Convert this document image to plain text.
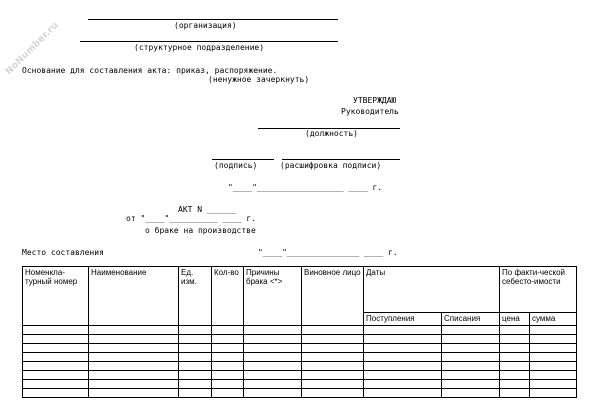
NoNumber.ru	(организация)
(структурное подразделение)
Основание для составления акта: приказ, распоряжение.
(ненужное зачеркнуть)
УТВЕРЖДАЮ
Руководитель
(должность)
(подпись)	(расшифровка подписи)
"____"__________________ ____ г.
АКТ N ______
от "____"__________ ____ г.
о браке на производстве
Место составления	"____"_______________ ____ г.
Номенкла-турный номер	Наименование	Ед. изм.	Кол-во	Причины брака <*>	Виновное лицо	Даты		По факти-ческой себесто-имости	
						Поступления	Списания	цена	сумма
